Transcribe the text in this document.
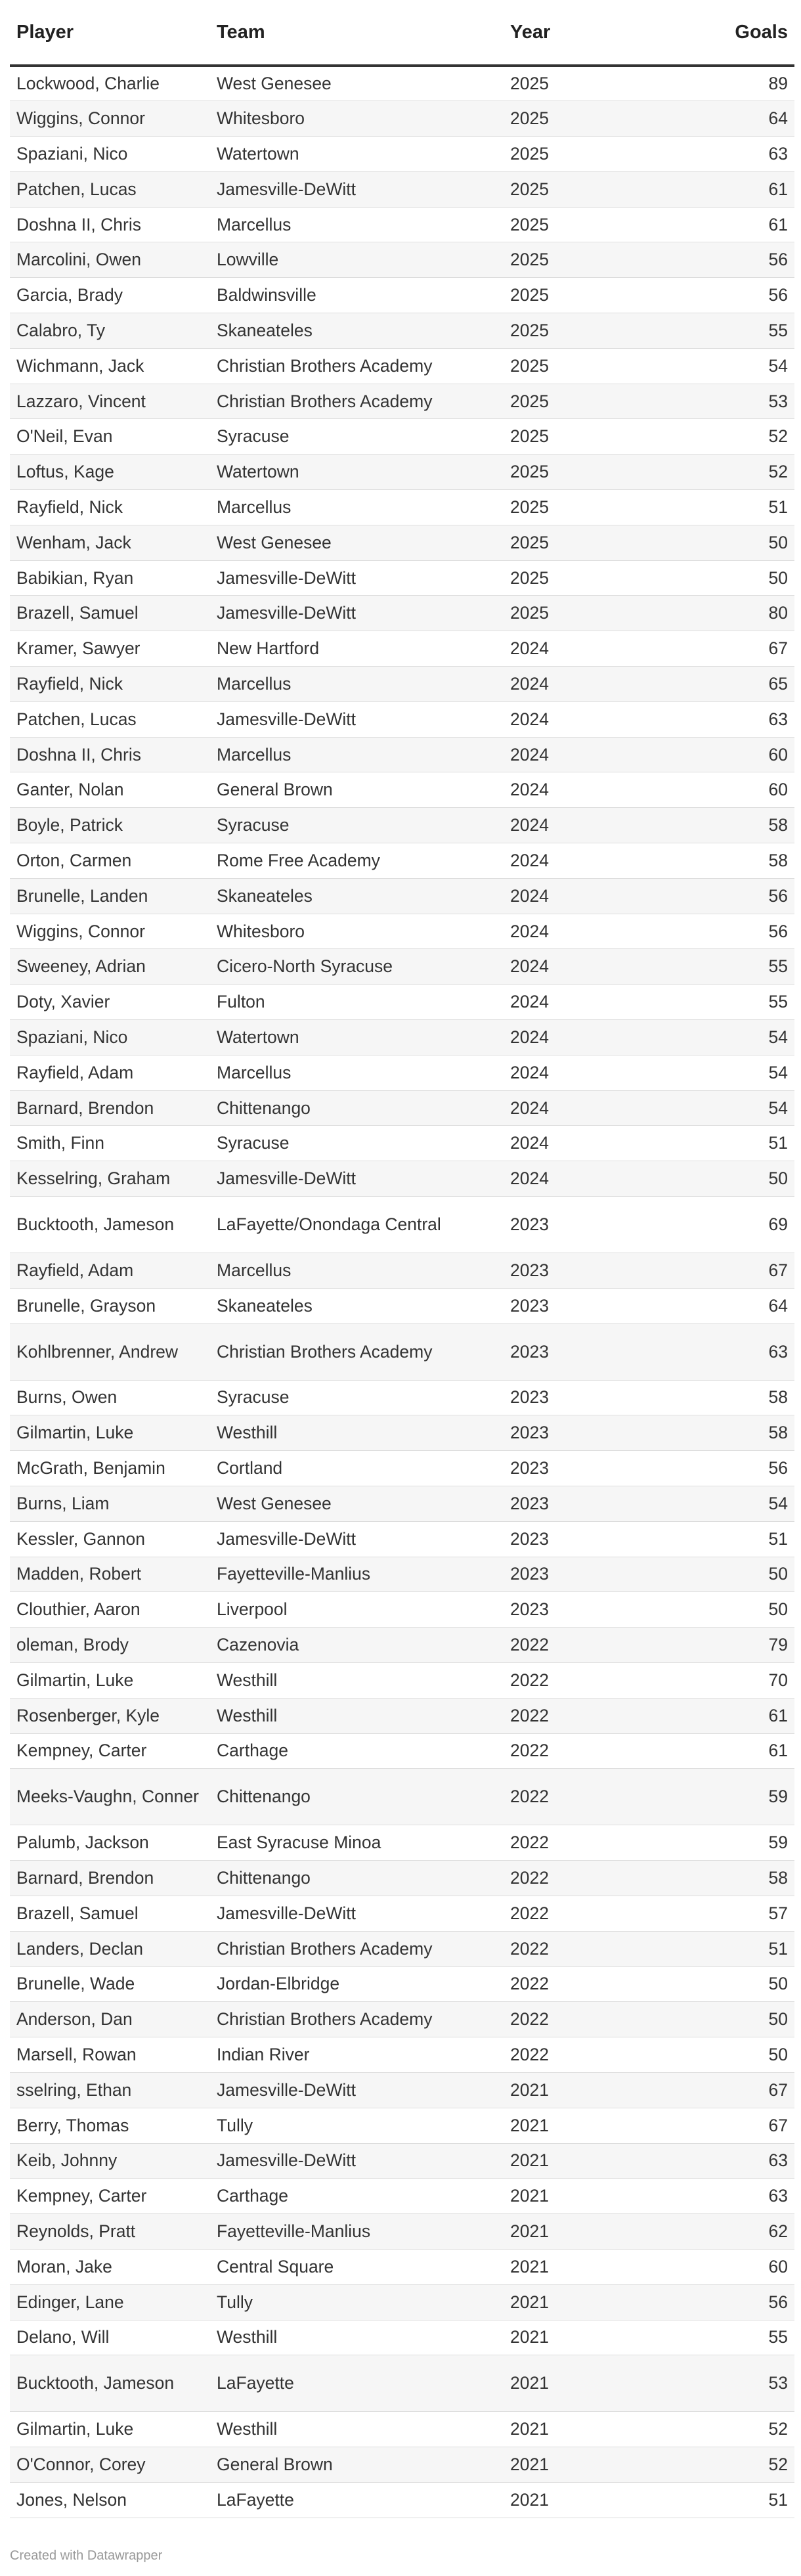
Player	Team	Year	Goals
Lockwood, Charlie	West Genesee	2025	89
Wiggins, Connor	Whitesboro	2025	64
Spaziani, Nico	Watertown	2025	63
Patchen, Lucas	Jamesville-DeWitt	2025	61
Doshna II, Chris	Marcellus	2025	61
Marcolini, Owen	Lowville	2025	56
Garcia, Brady	Baldwinsville	2025	56
Calabro, Ty	Skaneateles	2025	55
Wichmann, Jack	Christian Brothers Academy	2025	54
Lazzaro, Vincent	Christian Brothers Academy	2025	53
O'Neil, Evan	Syracuse	2025	52
Loftus, Kage	Watertown	2025	52
Rayfield, Nick	Marcellus	2025	51
Wenham, Jack	West Genesee	2025	50
Babikian, Ryan	Jamesville-DeWitt	2025	50
Brazell, Samuel	Jamesville-DeWitt	2025	80
Kramer, Sawyer	New Hartford	2024	67
Rayfield, Nick	Marcellus	2024	65
Patchen, Lucas	Jamesville-DeWitt	2024	63
Doshna II, Chris	Marcellus	2024	60
Ganter, Nolan	General Brown	2024	60
Boyle, Patrick	Syracuse	2024	58
Orton, Carmen	Rome Free Academy	2024	58
Brunelle, Landen	Skaneateles	2024	56
Wiggins, Connor	Whitesboro	2024	56
Sweeney, Adrian	Cicero-North Syracuse	2024	55
Doty, Xavier	Fulton	2024	55
Spaziani, Nico	Watertown	2024	54
Rayfield, Adam	Marcellus	2024	54
Barnard, Brendon	Chittenango	2024	54
Smith, Finn	Syracuse	2024	51
Kesselring, Graham	Jamesville-DeWitt	2024	50
Bucktooth, Jameson	LaFayette/Onondaga Central	2023	69
Rayfield, Adam	Marcellus	2023	67
Brunelle, Grayson	Skaneateles	2023	64
Kohlbrenner, Andrew	Christian Brothers Academy	2023	63
Burns, Owen	Syracuse	2023	58
Gilmartin, Luke	Westhill	2023	58
McGrath, Benjamin	Cortland	2023	56
Burns, Liam	West Genesee	2023	54
Kessler, Gannon	Jamesville-DeWitt	2023	51
Madden, Robert	Fayetteville-Manlius	2023	50
Clouthier, Aaron	Liverpool	2023	50
oleman, Brody	Cazenovia	2022	79
Gilmartin, Luke	Westhill	2022	70
Rosenberger, Kyle	Westhill	2022	61
Kempney, Carter	Carthage	2022	61
Meeks-Vaughn, Conner	Chittenango	2022	59
Palumb, Jackson	East Syracuse Minoa	2022	59
Barnard, Brendon	Chittenango	2022	58
Brazell, Samuel	Jamesville-DeWitt	2022	57
Landers, Declan	Christian Brothers Academy	2022	51
Brunelle, Wade	Jordan-Elbridge	2022	50
Anderson, Dan	Christian Brothers Academy	2022	50
Marsell, Rowan	Indian River	2022	50
sselring, Ethan	Jamesville-DeWitt	2021	67
Berry, Thomas	Tully	2021	67
Keib, Johnny	Jamesville-DeWitt	2021	63
Kempney, Carter	Carthage	2021	63
Reynolds, Pratt	Fayetteville-Manlius	2021	62
Moran, Jake	Central Square	2021	60
Edinger, Lane	Tully	2021	56
Delano, Will	Westhill	2021	55
Bucktooth, Jameson	LaFayette	2021	53
Gilmartin, Luke	Westhill	2021	52
O'Connor, Corey	General Brown	2021	52
Jones, Nelson	LaFayette	2021	51
Created with Datawrapper
